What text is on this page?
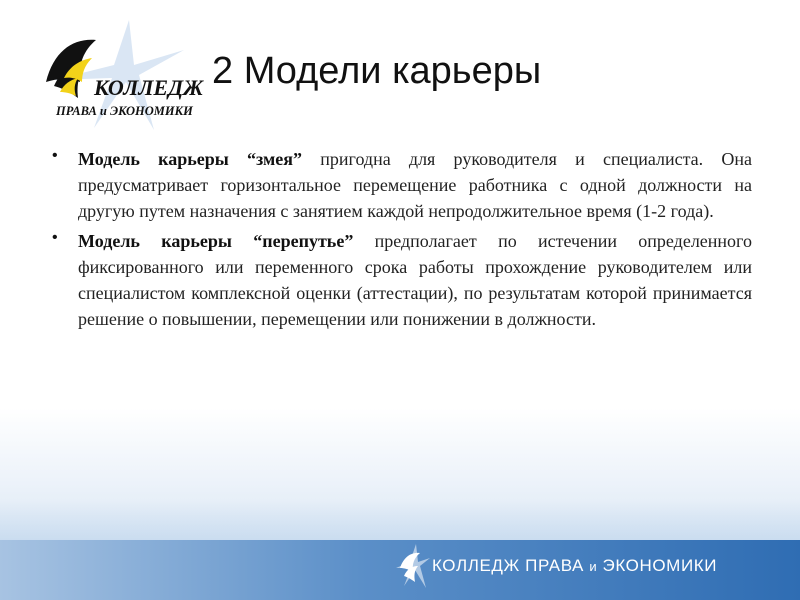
КОЛЛЕДЖ
ПРАВА и ЭКОНОМИКИ
2 Модели карьеры
• Модель карьеры “змея” пригодна для руководителя и специалиста. Она предусматривает горизонтальное перемещение работника с одной должности на другую путем назначения с занятием каждой непродолжительное время (1-2 года).

• Модель карьеры “перепутье” предполагает по истечении определенного фиксированного или переменного срока работы прохождение руководителем или специалистом комплексной оценки (аттестации), по результатам которой принимается решение о повышении, перемещении или понижении в должности.

КОЛЛЕДЖ ПРАВА и ЭКОНОМИКИ
